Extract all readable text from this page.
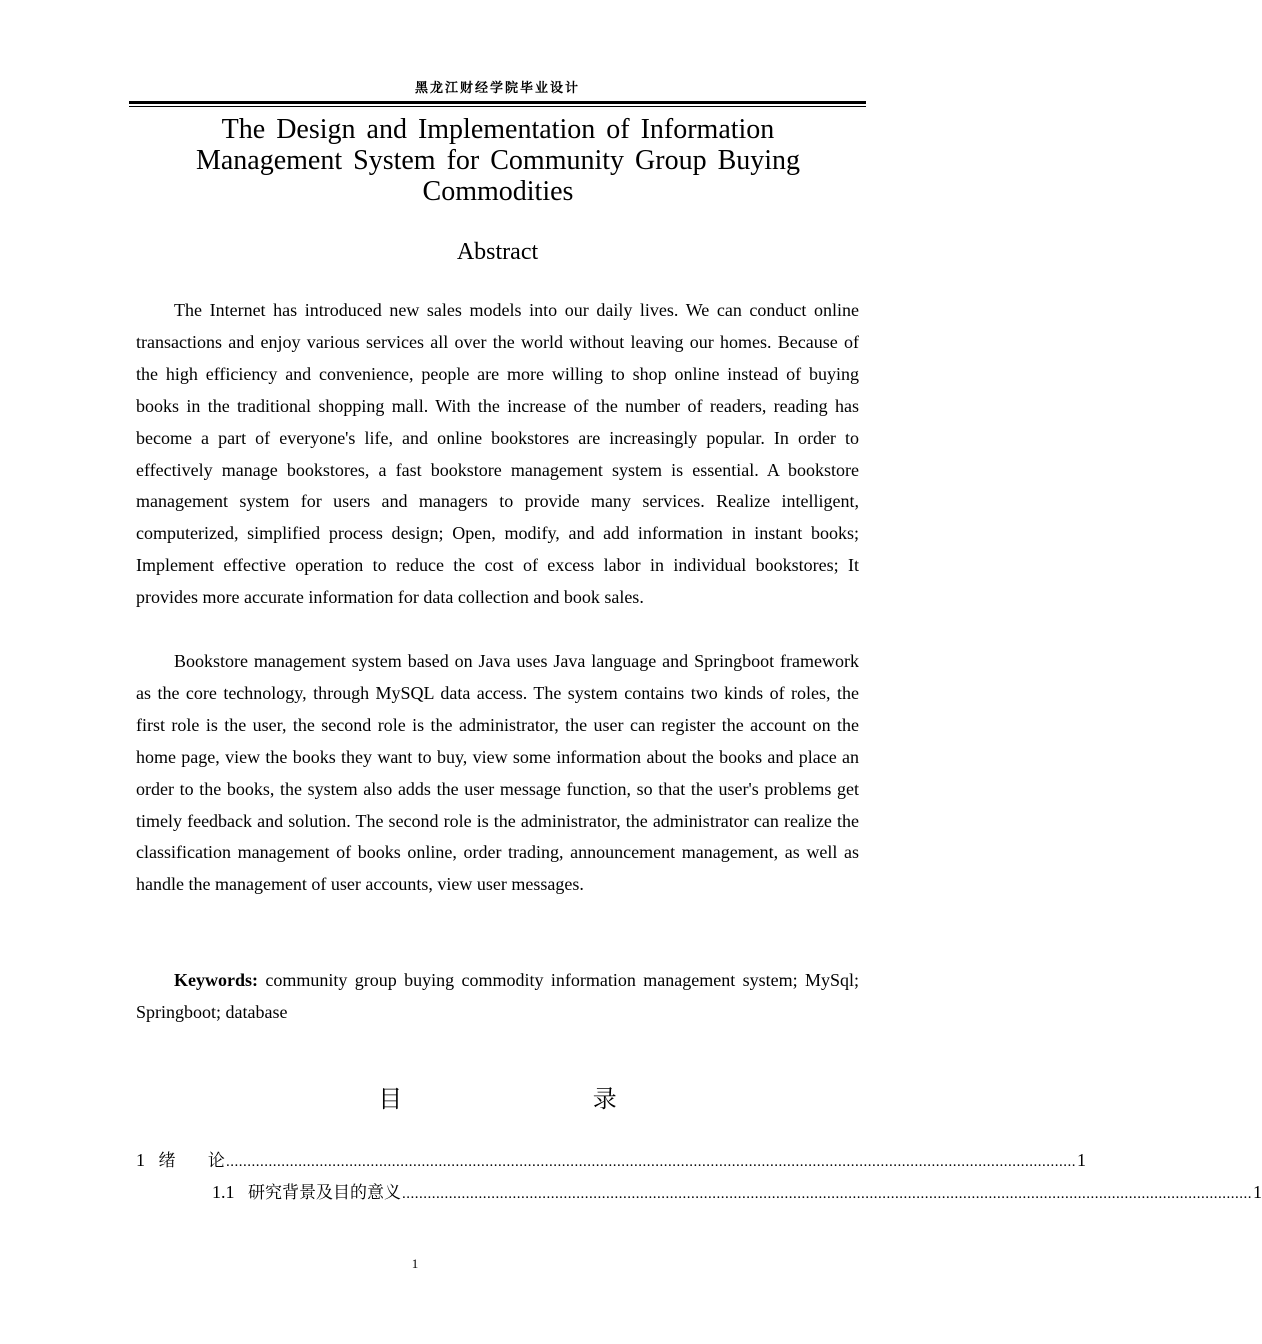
黑龙江财经学院毕业设计
The Design and Implementation of Information Management System for Community Group Buying Commodities
Abstract

The Internet has introduced new sales models into our daily lives. We can conduct online transactions and enjoy various services all over the world without leaving our homes. Because of the high efficiency and convenience, people are more willing to shop online instead of buying books in the traditional shopping mall. With the increase of the number of readers, reading has become a part of everyone's life, and online bookstores are increasingly popular. In order to effectively manage bookstores, a fast bookstore management system is essential. A bookstore management system for users and managers to provide many services. Realize intelligent, computerized, simplified process design; Open, modify, and add information in instant books; Implement effective operation to reduce the cost of excess labor in individual bookstores; It provides more accurate information for data collection and book sales.

Bookstore management system based on Java uses Java language and Springboot framework as the core technology, through MySQL data access. The system contains two kinds of roles, the first role is the user, the second role is the administrator, the user can register the account on the home page, view the books they want to buy, view some information about the books and place an order to the books, the system also adds the user message function, so that the user's problems get timely feedback and solution. The second role is the administrator, the administrator can realize the classification management of books online, order trading, announcement management, as well as handle the management of user accounts, view user messages.

Keywords: community group buying commodity information management system; MySql; Springboot; database

目    录
1 绪      论 ........................................................................................................................................................................................................ 1
1.1 研究背景及目的意义 ........................................................................................................................................................................................................ 1
1
